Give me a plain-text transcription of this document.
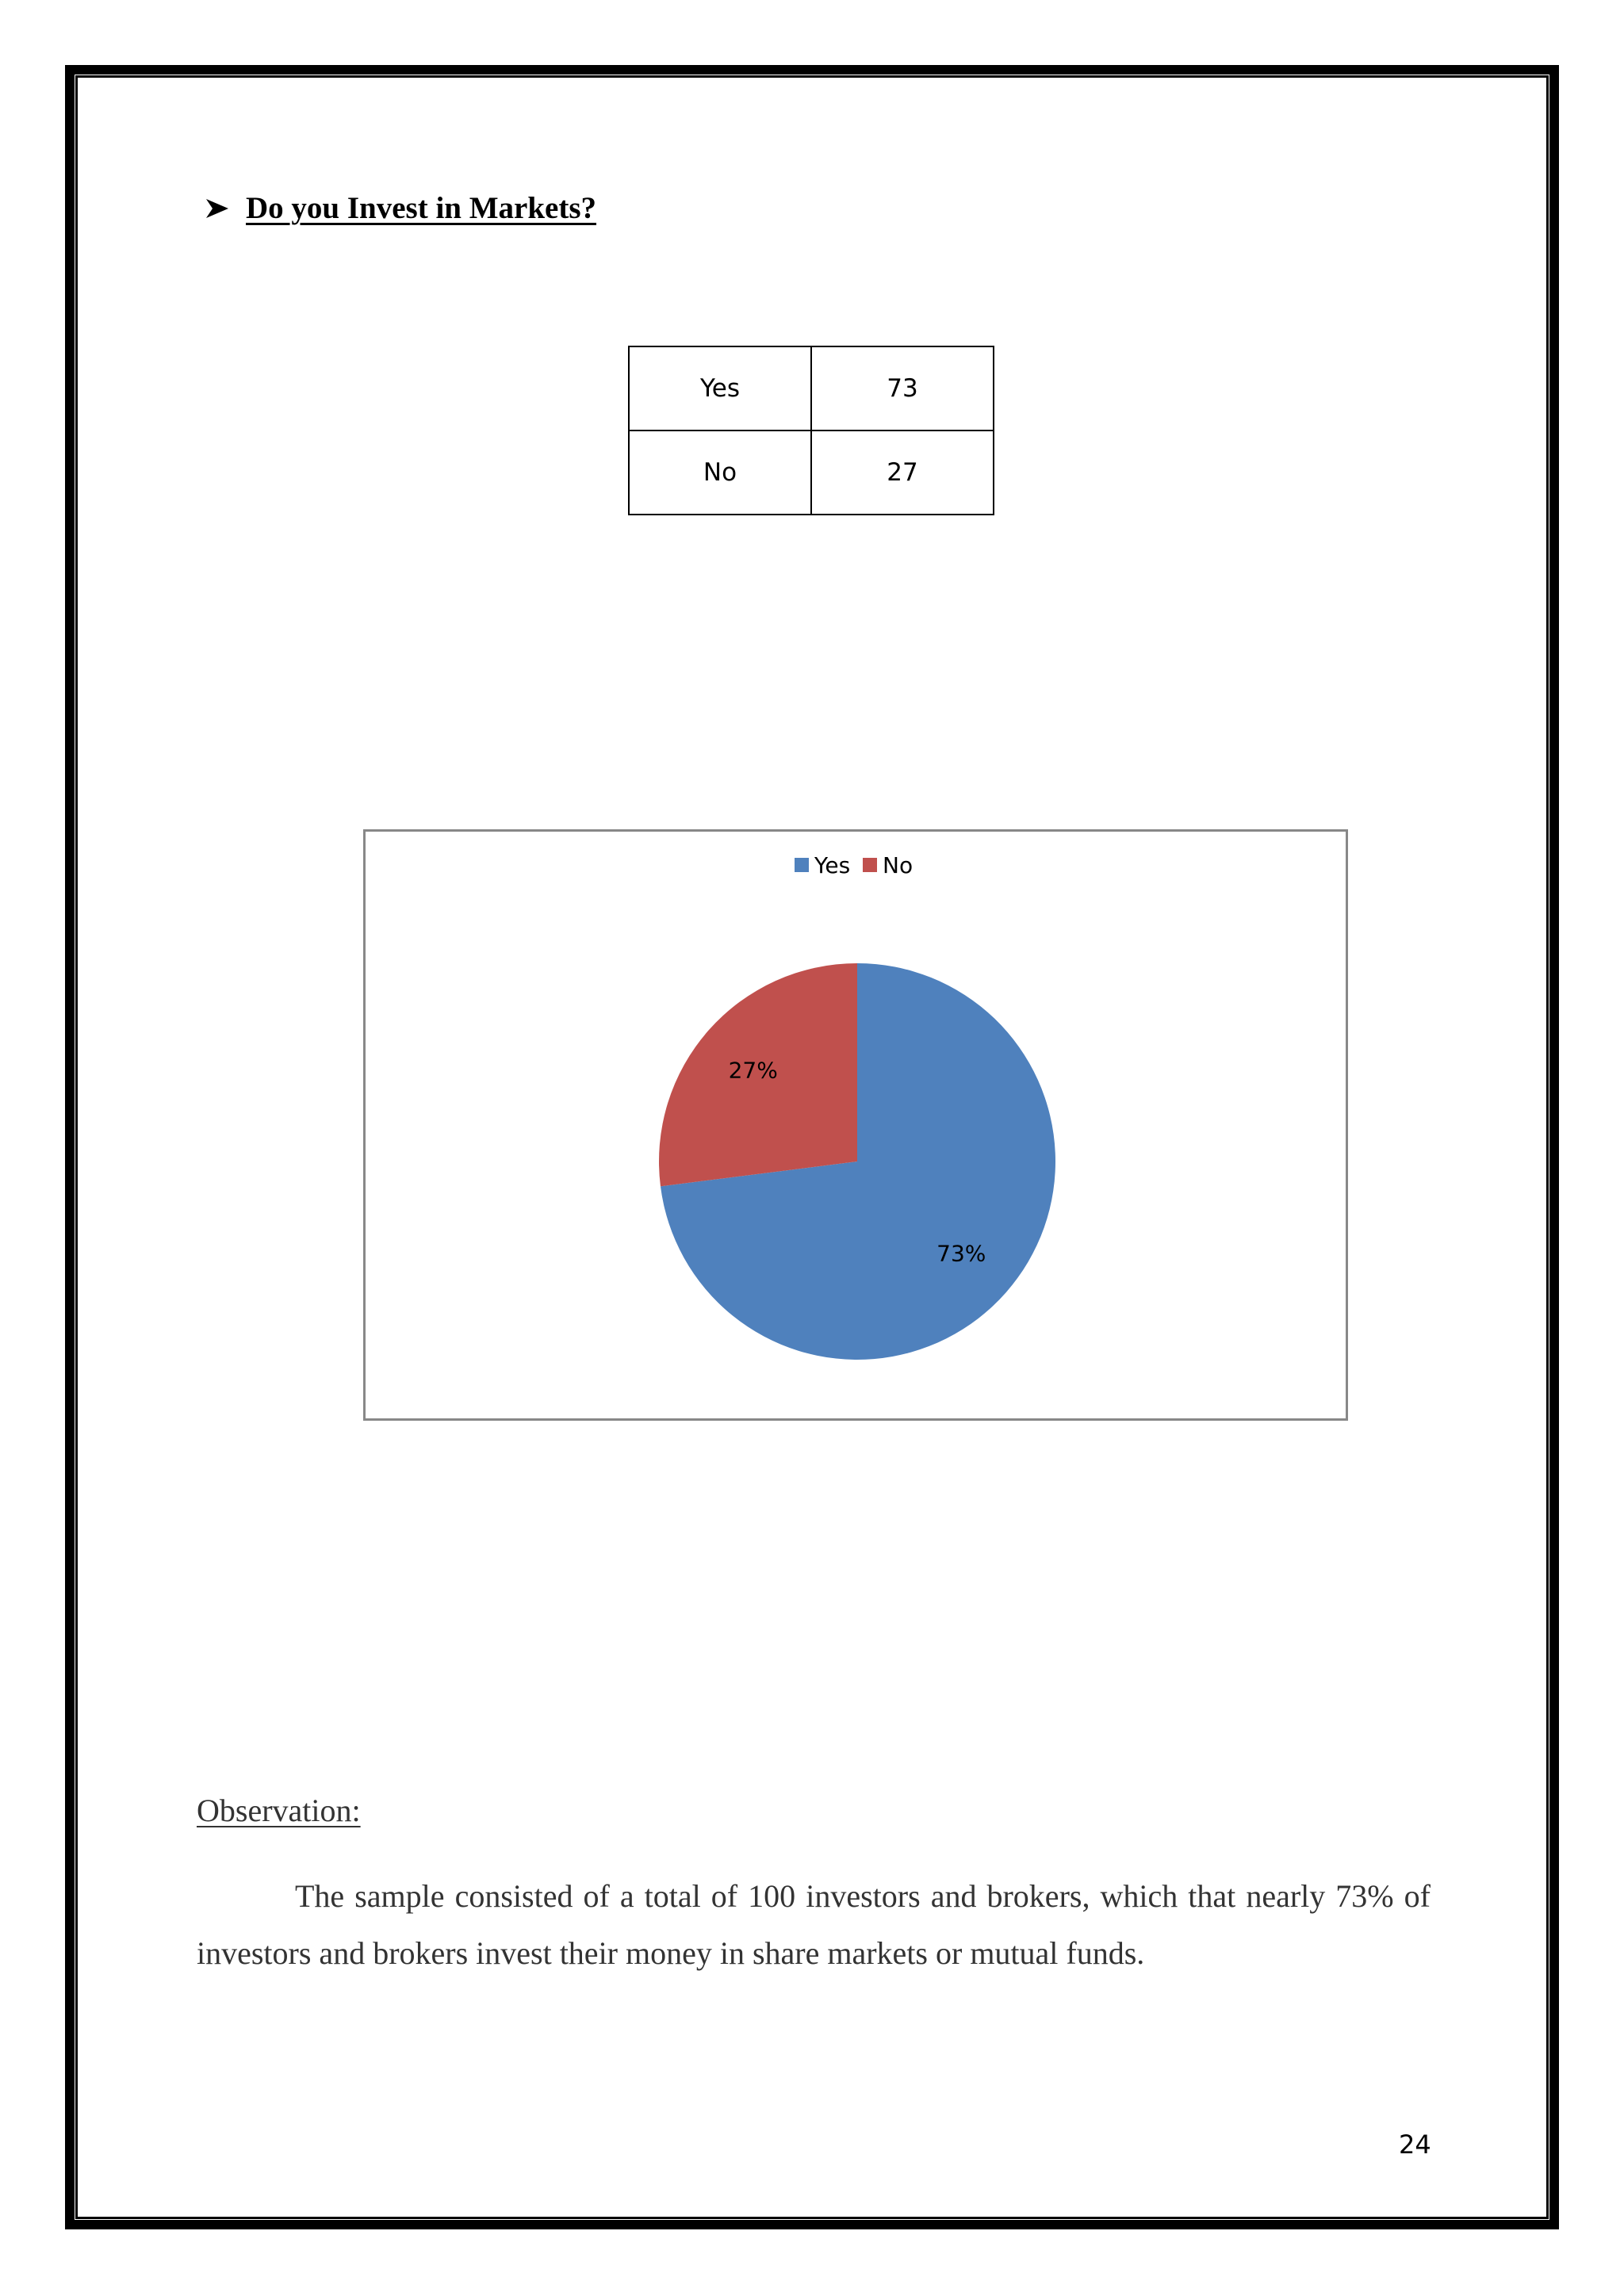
Do you Invest in Markets?
Yes	73
No	27
Yes No
73%
27%
Observation:

The sample consisted of a total of 100 investors and brokers, which that nearly 73% of investors and brokers invest their money in share markets or mutual funds.

24
